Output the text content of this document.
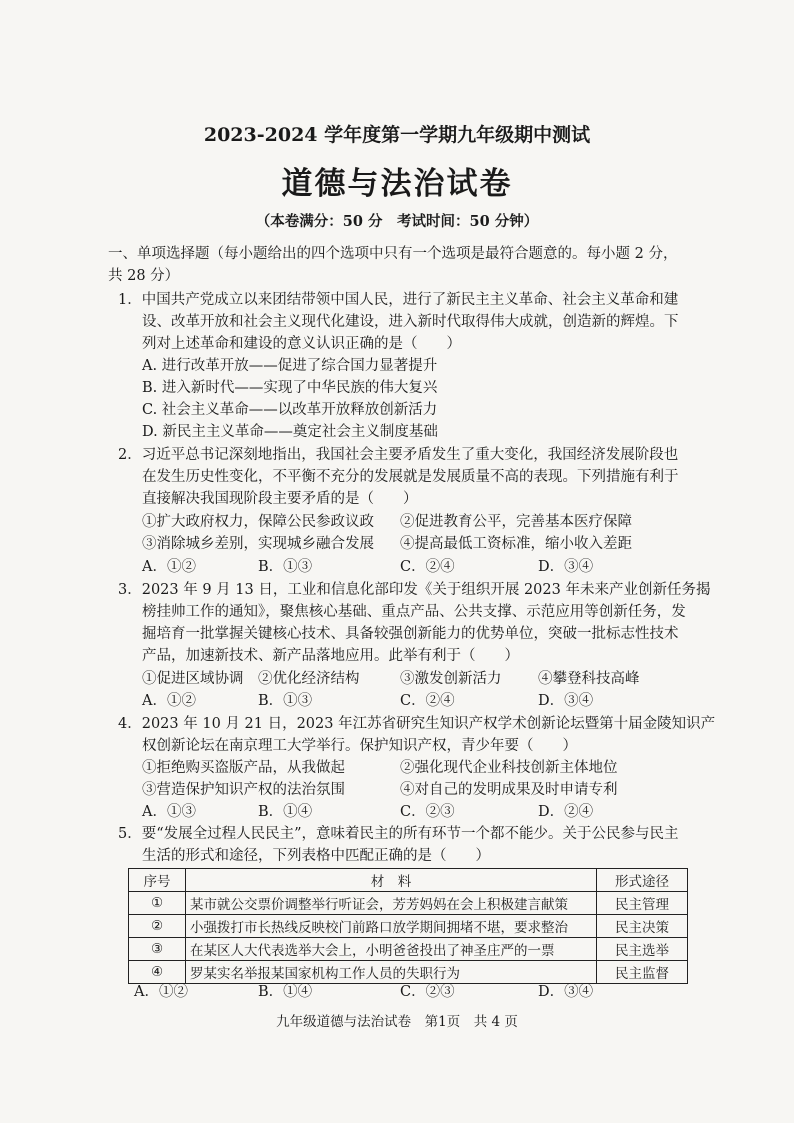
2023-2024 学年度第一学期九年级期中测试
道德与法治试卷
（本卷满分：50 分　考试时间：50 分钟）
一、单项选择题（每小题给出的四个选项中只有一个选项是最符合题意的。每小题 2 分，
共 28 分）
1．中国共产党成立以来团结带领中国人民，进行了新民主主义革命、社会主义革命和建
设、改革开放和社会主义现代化建设，进入新时代取得伟大成就，创造新的辉煌。下
列对上述革命和建设的意义认识正确的是（　　）
A. 进行改革开放——促进了综合国力显著提升
B. 进入新时代——实现了中华民族的伟大复兴
C. 社会主义革命——以改革开放释放创新活力
D. 新民主主义革命——奠定社会主义制度基础
2．习近平总书记深刻地指出，我国社会主要矛盾发生了重大变化，我国经济发展阶段也
在发生历史性变化，不平衡不充分的发展就是发展质量不高的表现。下列措施有利于
直接解决我国现阶段主要矛盾的是（　　）
①扩大政府权力，保障公民参政议政 ②促进教育公平，完善基本医疗保障
③消除城乡差别，实现城乡融合发展 ④提高最低工资标准，缩小收入差距
A．①②	B．①③	C．②④	D．③④
3．2023 年 9 月 13 日，工业和信息化部印发《关于组织开展 2023 年未来产业创新任务揭
榜挂帅工作的通知》，聚焦核心基础、重点产品、公共支撑、示范应用等创新任务，发
掘培育一批掌握关键核心技术、具备较强创新能力的优势单位，突破一批标志性技术
产品，加速新技术、新产品落地应用。此举有利于（　　）
①促进区域协调 ②优化经济结构	③激发创新活力	④攀登科技高峰
A．①②	B．①③	C．②④	D．③④
4．2023 年 10 月 21 日，2023 年江苏省研究生知识产权学术创新论坛暨第十届金陵知识产
权创新论坛在南京理工大学举行。保护知识产权，青少年要（　　）
①拒绝购买盗版产品，从我做起	②强化现代企业科技创新主体地位
③营造保护知识产权的法治氛围	④对自己的发明成果及时申请专利
A．①③	B．①④	C．②③	D．②④
5．要“发展全过程人民民主”，意味着民主的所有环节一个都不能少。关于公民参与民主
生活的形式和途径，下列表格中匹配正确的是（　　）
序号	材　料	形式途径
①	某市就公交票价调整举行听证会，芳芳妈妈在会上积极建言献策	民主管理
②	小强拨打市长热线反映校门前路口放学期间拥堵不堪，要求整治	民主决策
③	在某区人大代表选举大会上，小明爸爸投出了神圣庄严的一票	民主选举
④	罗某实名举报某国家机构工作人员的失职行为	民主监督
A．①②	B．①④	C．②③	D．③④
九年级道德与法治试卷　第1页　共 4 页
